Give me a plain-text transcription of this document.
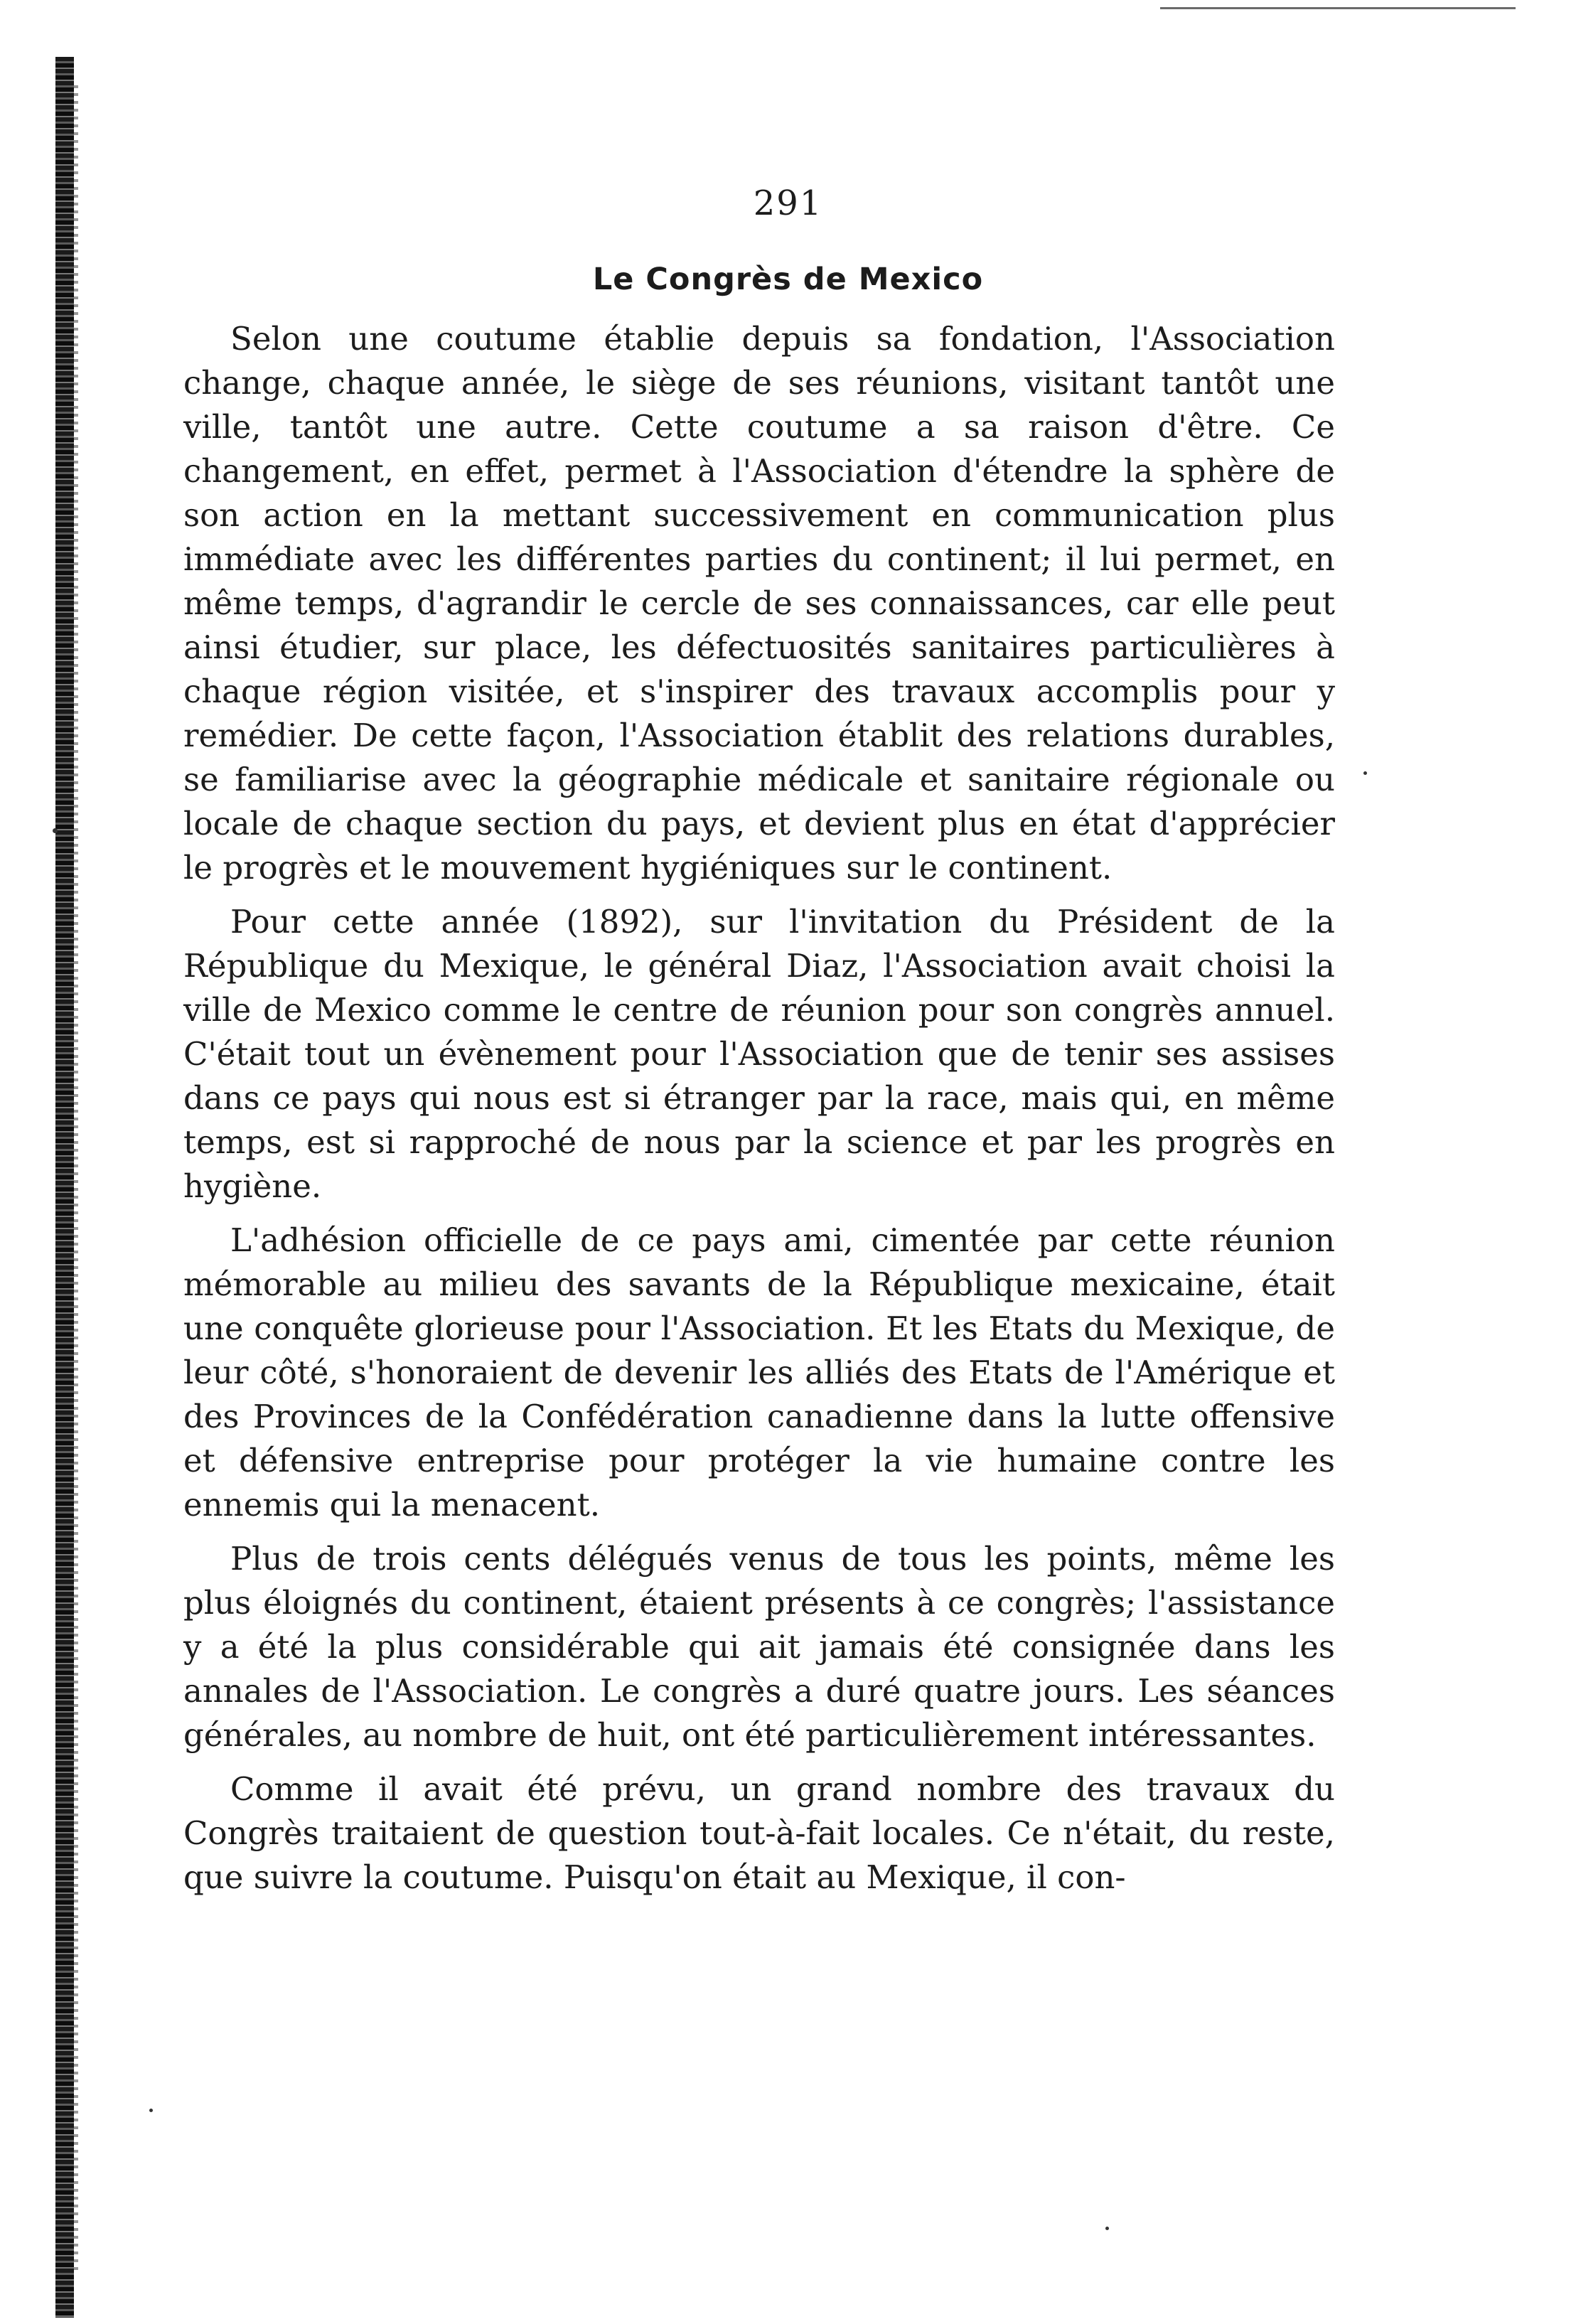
291
Le Congrès de Mexico

Selon une coutume établie depuis sa fondation, l'Association change, chaque année, le siège de ses réunions, visitant tantôt une ville, tantôt une autre. Cette coutume a sa raison d'être. Ce changement, en effet, permet à l'Association d'étendre la sphère de son action en la mettant successivement en communication plus immédiate avec les différentes parties du continent; il lui permet, en même temps, d'agrandir le cercle de ses connaissances, car elle peut ainsi étudier, sur place, les défectuosités sanitaires particulières à chaque région visitée, et s'inspirer des travaux accomplis pour y remédier. De cette façon, l'Association établit des relations durables, se familiarise avec la géographie médicale et sanitaire régionale ou locale de chaque section du pays, et devient plus en état d'apprécier le progrès et le mouvement hygiéniques sur le continent.

Pour cette année (1892), sur l'invitation du Président de la République du Mexique, le général Diaz, l'Association avait choisi la ville de Mexico comme le centre de réunion pour son congrès annuel. C'était tout un évènement pour l'Association que de tenir ses assises dans ce pays qui nous est si étranger par la race, mais qui, en même temps, est si rapproché de nous par la science et par les progrès en hygiène.

L'adhésion officielle de ce pays ami, cimentée par cette réunion mémorable au milieu des savants de la République mexicaine, était une conquête glorieuse pour l'Association. Et les Etats du Mexique, de leur côté, s'honoraient de devenir les alliés des Etats de l'Amérique et des Provinces de la Confédération canadienne dans la lutte offensive et défensive entreprise pour protéger la vie humaine contre les ennemis qui la menacent.

Plus de trois cents délégués venus de tous les points, même les plus éloignés du continent, étaient présents à ce congrès; l'assistance y a été la plus considérable qui ait jamais été consignée dans les annales de l'Association. Le congrès a duré quatre jours. Les séances générales, au nombre de huit, ont été particulièrement intéressantes.

Comme il avait été prévu, un grand nombre des travaux du Congrès traitaient de question tout-à-fait locales. Ce n'était, du reste, que suivre la coutume. Puisqu'on était au Mexique, il con-
